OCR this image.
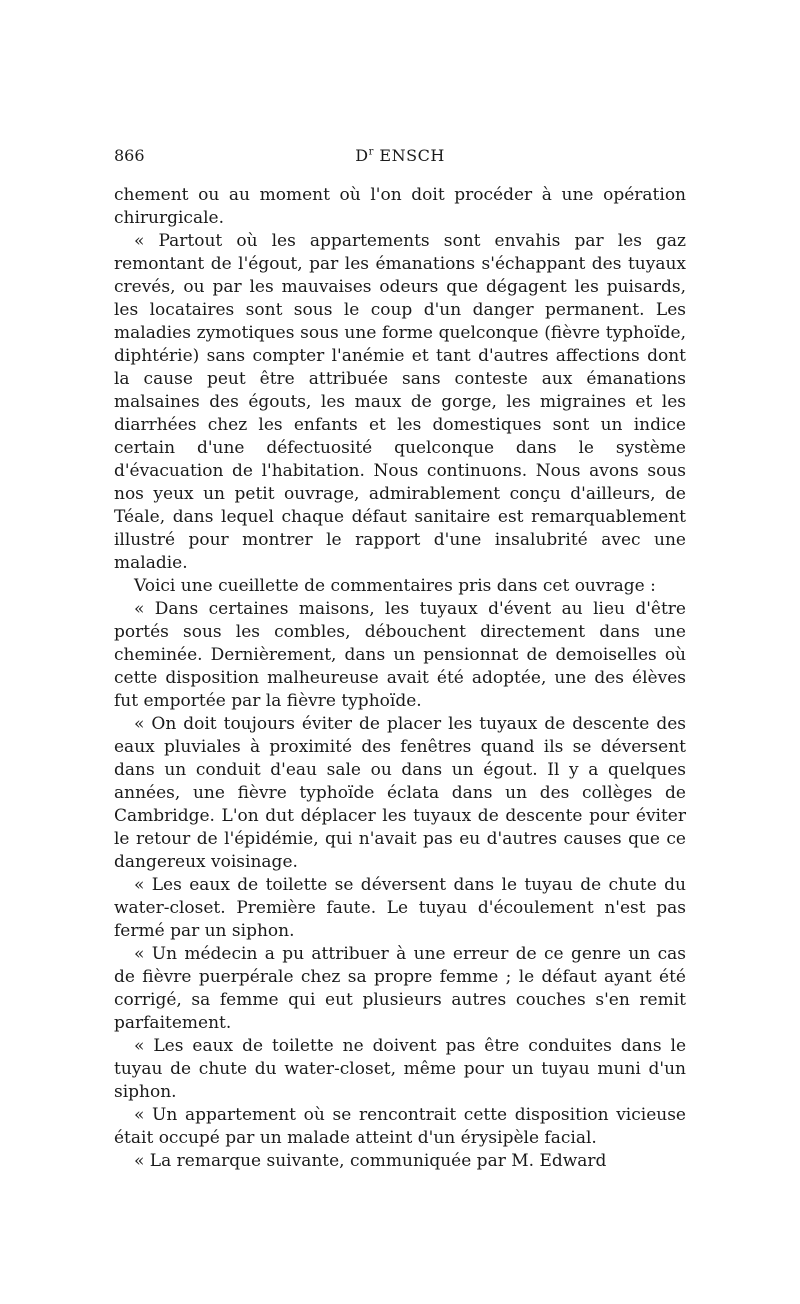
866	$D^r$ ENSCH

chement ou au moment où l'on doit procéder à une opération chirurgicale.

« Partout où les appartements sont envahis par les gaz remontant de l'égout, par les émanations s'échappant des tuyaux crevés, ou par les mauvaises odeurs que dégagent les puisards, les locataires sont sous le coup d'un danger permanent. Les maladies zymotiques sous une forme quelconque (fièvre typhoïde, diphtérie) sans compter l'anémie et tant d'autres affections dont la cause peut être attribuée sans conteste aux émanations malsaines des égouts, les maux de gorge, les migraines et les diarrhées chez les enfants et les domestiques sont un indice certain d'une défectuosité quelconque dans le système d'évacuation de l'habitation. Nous continuons. Nous avons sous nos yeux un petit ouvrage, admirablement conçu d'ailleurs, de Téale, dans lequel chaque défaut sanitaire est remarquablement illustré pour montrer le rapport d'une insalubrité avec une maladie.

Voici une cueillette de commentaires pris dans cet ouvrage :

« Dans certaines maisons, les tuyaux d'évent au lieu d'être portés sous les combles, débouchent directement dans une cheminée. Dernièrement, dans un pensionnat de demoiselles où cette disposition malheureuse avait été adoptée, une des élèves fut emportée par la fièvre typhoïde.

« On doit toujours éviter de placer les tuyaux de descente des eaux pluviales à proximité des fenêtres quand ils se déversent dans un conduit d'eau sale ou dans un égout. Il y a quelques années, une fièvre typhoïde éclata dans un des collèges de Cambridge. L'on dut déplacer les tuyaux de descente pour éviter le retour de l'épidémie, qui n'avait pas eu d'autres causes que ce dangereux voisinage.

« Les eaux de toilette se déversent dans le tuyau de chute du water-closet. Première faute. Le tuyau d'écoulement n'est pas fermé par un siphon.

« Un médecin a pu attribuer à une erreur de ce genre un cas de fièvre puerpérale chez sa propre femme ; le défaut ayant été corrigé, sa femme qui eut plusieurs autres couches s'en remit parfaitement.

« Les eaux de toilette ne doivent pas être conduites dans le tuyau de chute du water-closet, même pour un tuyau muni d'un siphon.

« Un appartement où se rencontrait cette disposition vicieuse était occupé par un malade atteint d'un érysipèle facial.

« La remarque suivante, communiquée par M. Edward
